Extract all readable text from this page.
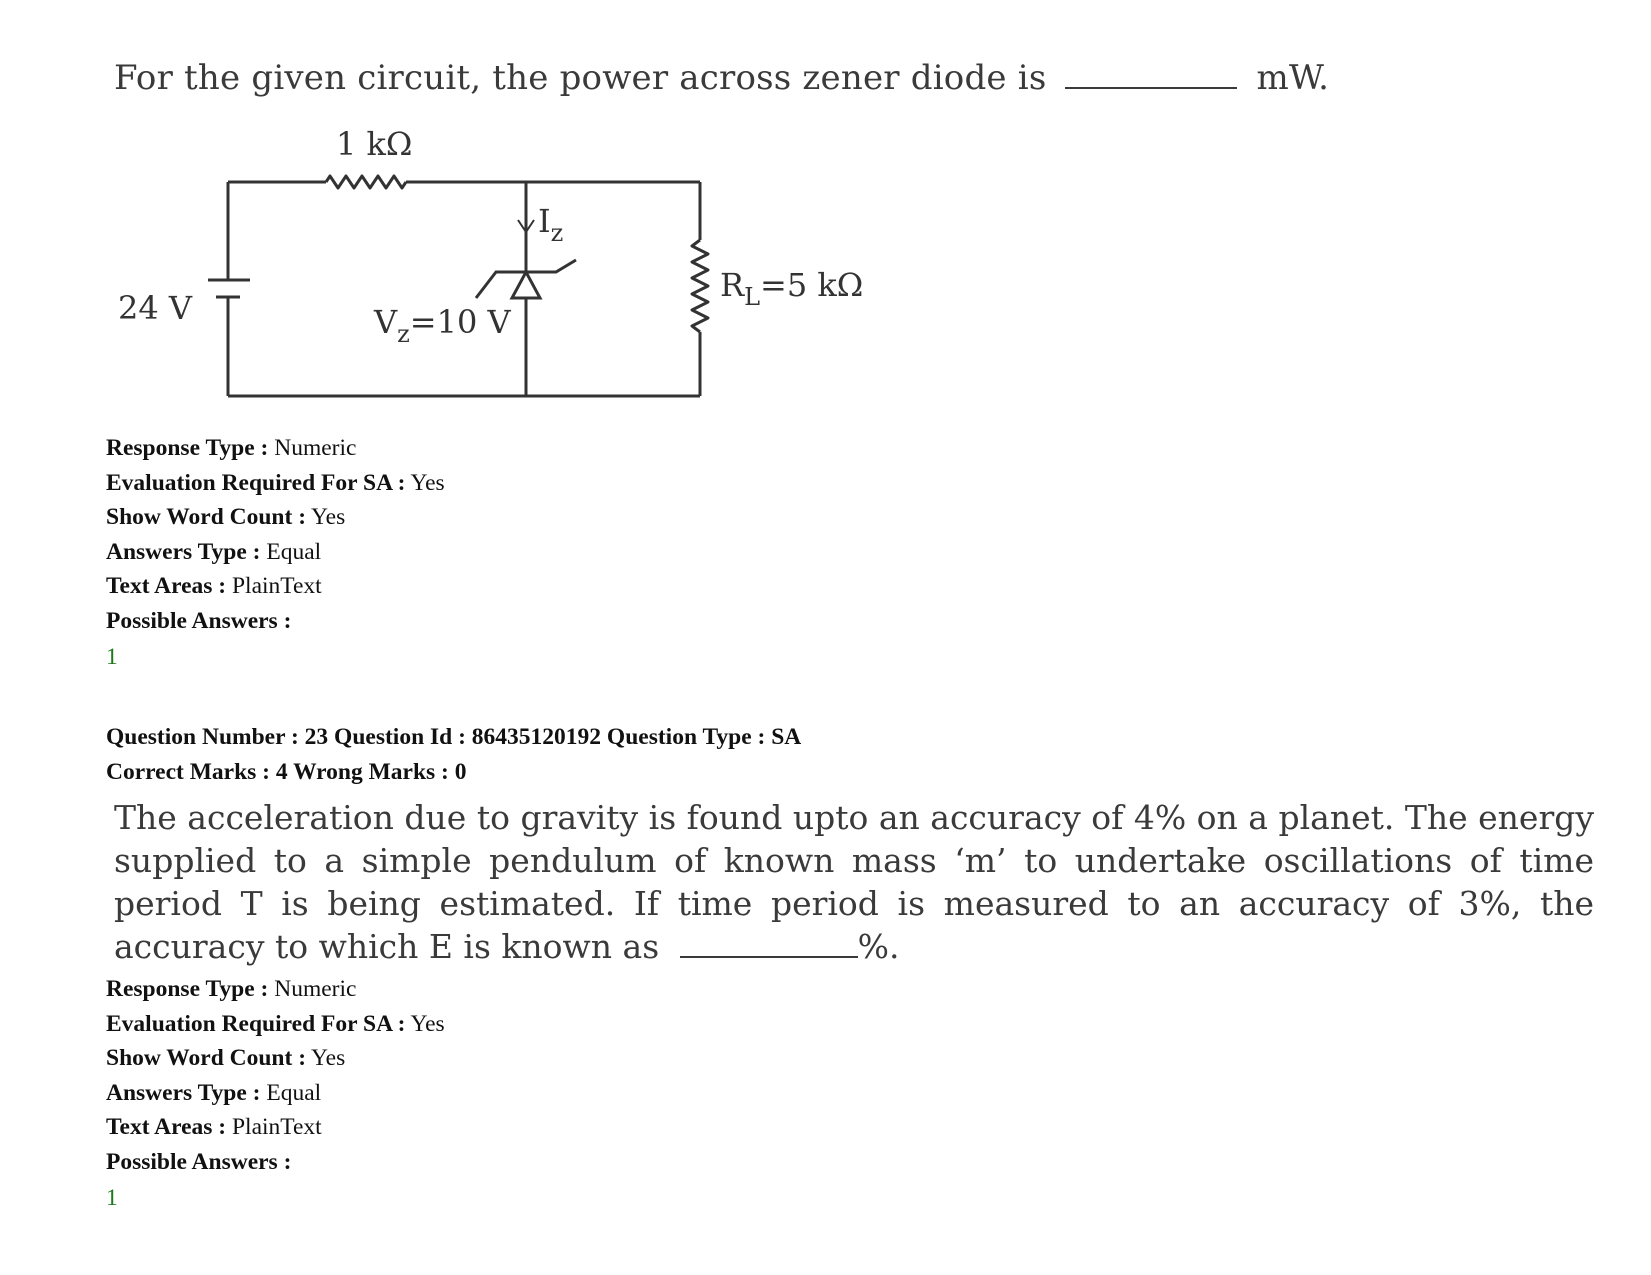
For the given circuit, the power across zener diode is	mW.
1 kΩ
24 V	$V_z=10$ V
$I_z$
$R_L=5$ kΩ
Response Type : Numeric
Evaluation Required For SA : Yes
Show Word Count : Yes
Answers Type : Equal
Text Areas : PlainText
Possible Answers :
1
Question Number : 23 Question Id : 86435120192 Question Type : SA
Correct Marks : 4 Wrong Marks : 0
The acceleration due to gravity is found upto an accuracy of 4% on a planet. The energy supplied to a simple pendulum of known mass ‘m’ to undertake oscillations of time period T is being estimated. If time period is measured to an accuracy of 3%, the accuracy to which E is known as	%.
Response Type : Numeric
Evaluation Required For SA : Yes
Show Word Count : Yes
Answers Type : Equal
Text Areas : PlainText
Possible Answers :
1
